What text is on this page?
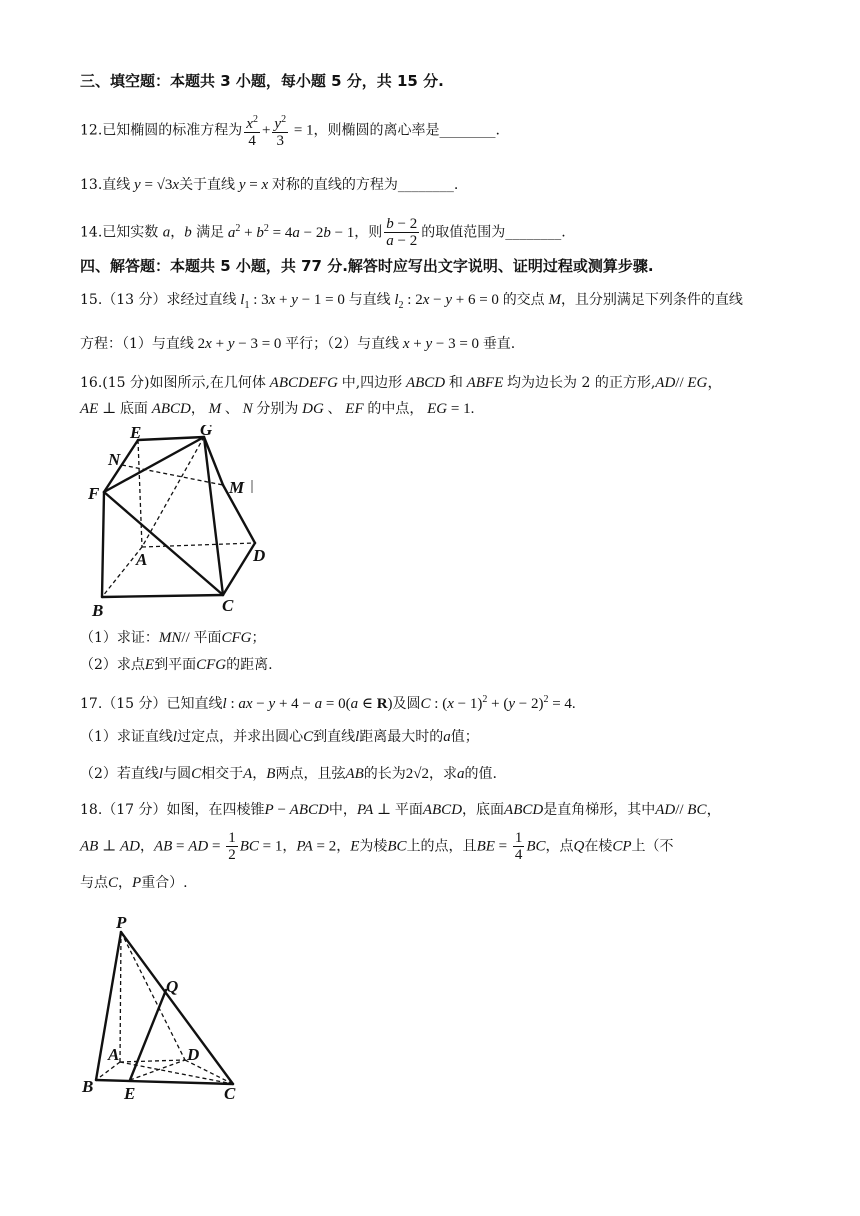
三、填空题：本题共 3 小题，每小题 5 分，共 15 分.
12.已知椭圆的标准方程为 $\frac{x^2}{4} + \frac{y^2}{3} = 1$，则椭圆的离心率是________.
13.直线 y = √3x关于直线 y = x 对称的直线的方程为________.
14.已知实数 a，b 满足 $a^2 + b^2 = 4a - 2b - 1$，则 $\frac{b - 2}{a - 2}$ 的取值范围为________.
四、解答题：本题共 5 小题，共 77 分.解答时应写出文字说明、证明过程或测算步骤.
15.（13 分）求经过直线 $l_1$ : 3x + y − 1 = 0 与直线 $l_2$ : 2x − y + 6 = 0 的交点 M，且分别满足下列条件的直线
方程：（1）与直线 2x + y − 3 = 0 平行；（2）与直线 x + y − 3 = 0 垂直.
16.(15 分)如图所示,在几何体 ABCDEFG 中,四边形 ABCD 和 ABFE 均为边长为 2 的正方形,AD// EG，
AE ⊥ 底面 ABCD， M 、 N 分别为 DG 、 EF 的中点， EG = 1.
E	G
N
M
F
A	D
B	C
（1）求证：MN// 平面CFG；
（2）求点E到平面CFG的距离.
17.（15 分）已知直线l : ax − y + 4 − a = 0(a ∈ R)及圆C : $(x - 1)^2 + (y - 2)^2 = 4$.
（1）求证直线l过定点，并求出圆心C到直线l距离最大时的a值；
（2）若直线l与圆C相交于A，B两点，且弦AB的长为2√2，求a的值.
18.（17 分）如图，在四棱锥P − ABCD中，PA ⊥ 平面ABCD，底面ABCD是直角梯形，其中AD// BC，
AB ⊥ AD，AB = AD = $\frac{1}{2}$ BC = 1，PA = 2，E为棱BC上的点，且BE = $\frac{1}{4}$ BC，点Q在棱CP上（不
与点C，P重合）.
P
Q
A	D
B E	C
